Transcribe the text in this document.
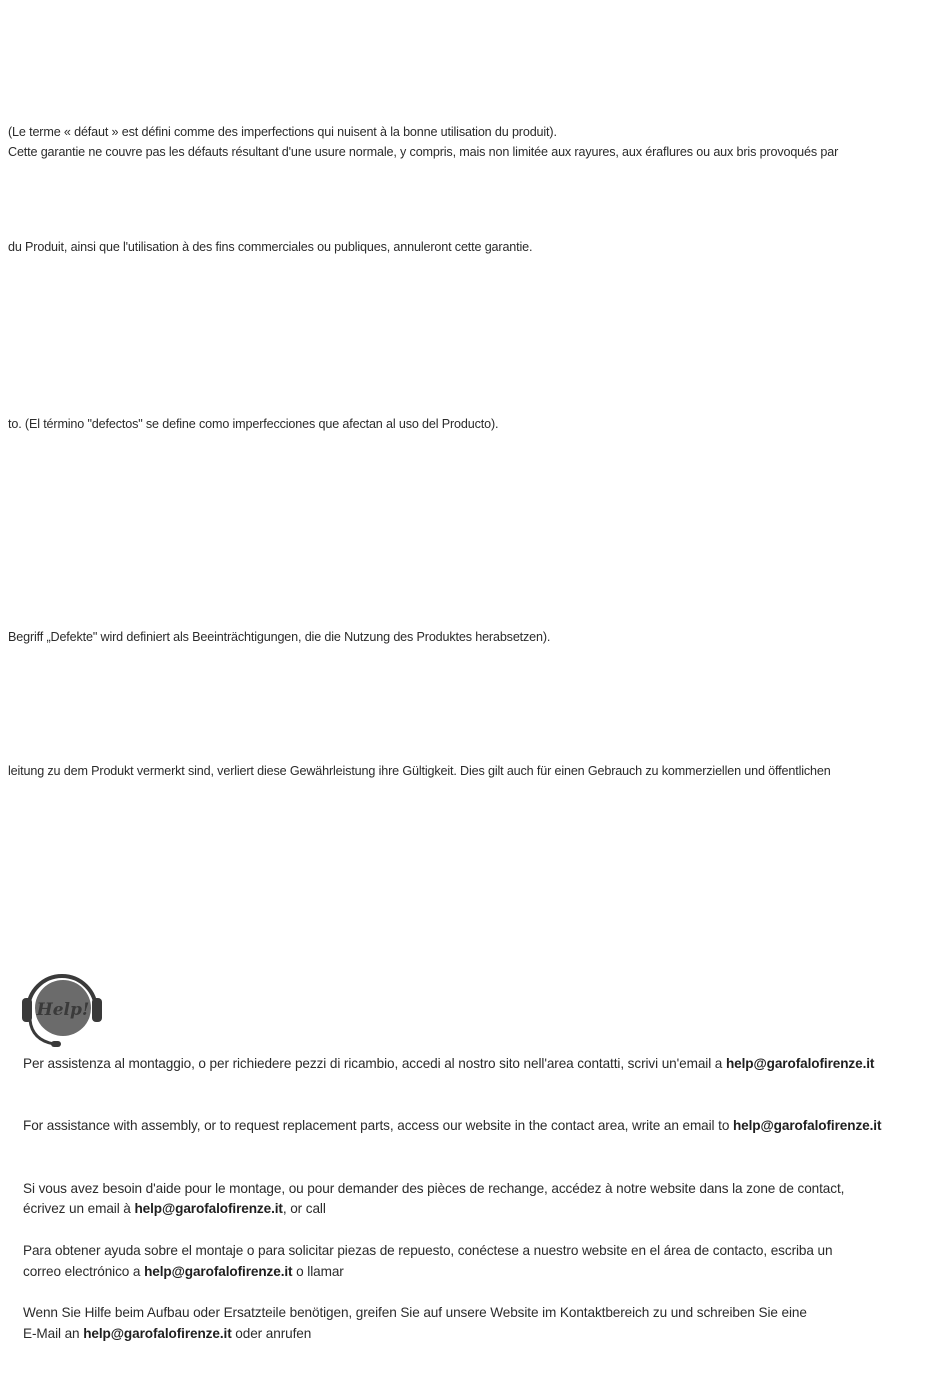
(Le terme « défaut » est défini comme des imperfections qui nuisent à la bonne utilisation du produit).
Cette garantie ne couvre pas les défauts résultant d'une usure normale, y compris, mais non limitée aux rayures, aux éraflures ou aux bris provoqués par
du Produit, ainsi que l'utilisation à des fins commerciales ou publiques, annuleront cette garantie.
to. (El término "defectos" se define como imperfecciones que afectan al uso del Producto).
Begriff „Defekte" wird definiert als Beeinträchtigungen, die die Nutzung des Produktes herabsetzen).
leitung zu dem Produkt vermerkt sind, verliert diese Gewährleistung ihre Gültigkeit. Dies gilt auch für einen Gebrauch zu kommerziellen und öffentlichen
Help!
Per assistenza al montaggio, o per richiedere pezzi di ricambio, accedi al nostro sito nell'area contatti, scrivi un'email a help@garofalofirenze.it
For assistance with assembly, or to request replacement parts, access our website in the contact area, write an email to help@garofalofirenze.it
Si vous avez besoin d'aide pour le montage, ou pour demander des pièces de rechange, accédez à notre website dans la zone de contact,
écrivez un email à help@garofalofirenze.it, or call
Para obtener ayuda sobre el montaje o para solicitar piezas de repuesto, conéctese a nuestro website en el área de contacto, escriba un
correo electrónico a help@garofalofirenze.it o llamar
Wenn Sie Hilfe beim Aufbau oder Ersatzteile benötigen, greifen Sie auf unsere Website im Kontaktbereich zu und schreiben Sie eine
E-Mail an help@garofalofirenze.it oder anrufen
